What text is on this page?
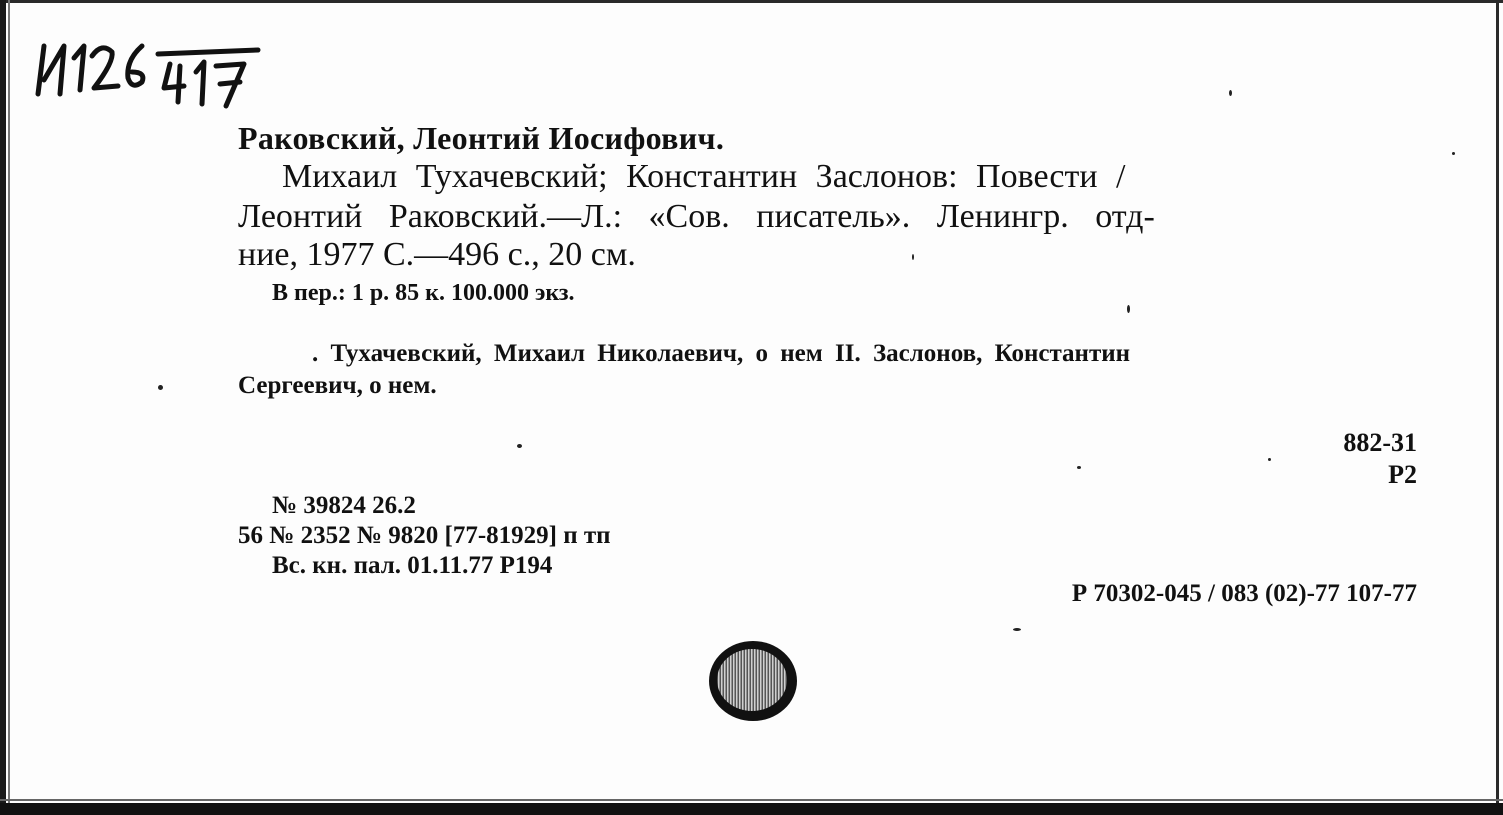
Раковский, Леонтий Иосифович.
Михаил Тухачевский; Константин Заслонов: Повести /
Леонтий Раковский.—Л.: «Сов. писатель». Ленингр. отд-
ние, 1977 С.—496 с., 20 см.
В пер.: 1 р. 85 к. 100.000 экз.
. Тухачевский, Михаил Николаевич, о нем II. Заслонов, Константин
Сергеевич, о нем.
882-31
Р2
№ 39824 26.2
56 № 2352 № 9820 [77-81929] п тп
Вс. кн. пал. 01.11.77 Р194
Р 70302-045 / 083 (02)-77 107-77
